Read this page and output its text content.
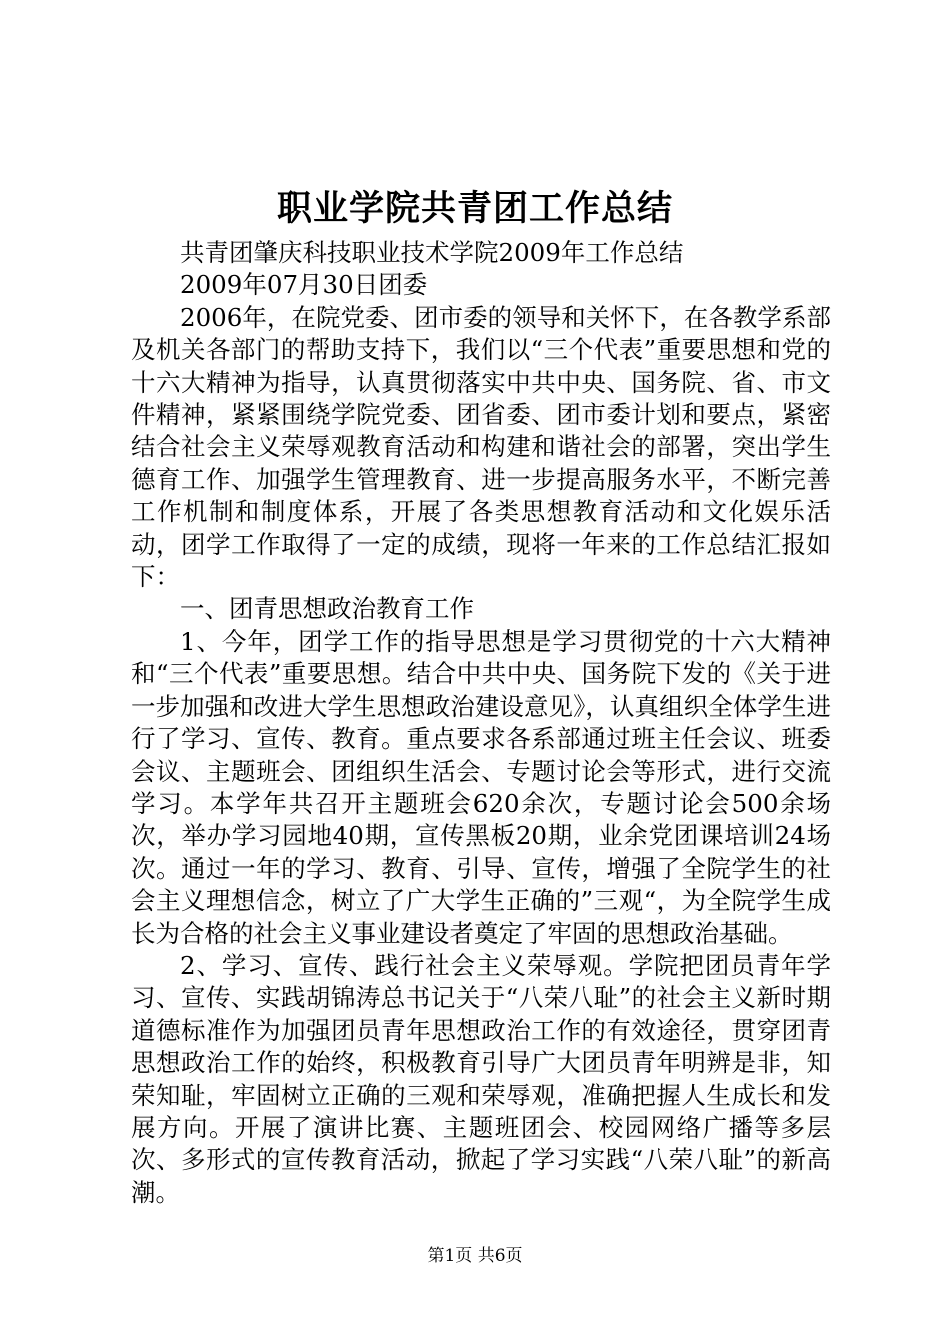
职业学院共青团工作总结

共青团肇庆科技职业技术学院2009年工作总结

2009年07月30日团委

2006年，在院党委、团市委的领导和关怀下，在各教学系部及机关各部门的帮助支持下，我们以“三个代表”重要思想和党的十六大精神为指导，认真贯彻落实中共中央、国务院、省、市文件精神，紧紧围绕学院党委、团省委、团市委计划和要点，紧密结合社会主义荣辱观教育活动和构建和谐社会的部署，突出学生德育工作、加强学生管理教育、进一步提高服务水平，不断完善工作机制和制度体系，开展了各类思想教育活动和文化娱乐活动，团学工作取得了一定的成绩，现将一年来的工作总结汇报如下：

一、团青思想政治教育工作

1、今年，团学工作的指导思想是学习贯彻党的十六大精神和“三个代表”重要思想。结合中共中央、国务院下发的《关于进一步加强和改进大学生思想政治建设意见》，认真组织全体学生进行了学习、宣传、教育。重点要求各系部通过班主任会议、班委会议、主题班会、团组织生活会、专题讨论会等形式，进行交流学习。本学年共召开主题班会620余次，专题讨论会500余场次，举办学习园地40期，宣传黑板20期，业余党团课培训24场次。通过一年的学习、教育、引导、宣传，增强了全院学生的社会主义理想信念，树立了广大学生正确的”三观“，为全院学生成长为合格的社会主义事业建设者奠定了牢固的思想政治基础。

2、学习、宣传、践行社会主义荣辱观。学院把团员青年学习、宣传、实践胡锦涛总书记关于“八荣八耻”的社会主义新时期道德标准作为加强团员青年思想政治工作的有效途径，贯穿团青思想政治工作的始终，积极教育引导广大团员青年明辨是非，知荣知耻，牢固树立正确的三观和荣辱观，准确把握人生成长和发展方向。开展了演讲比赛、主题班团会、校园网络广播等多层次、多形式的宣传教育活动，掀起了学习实践“八荣八耻”的新高潮。

第1页 共6页
